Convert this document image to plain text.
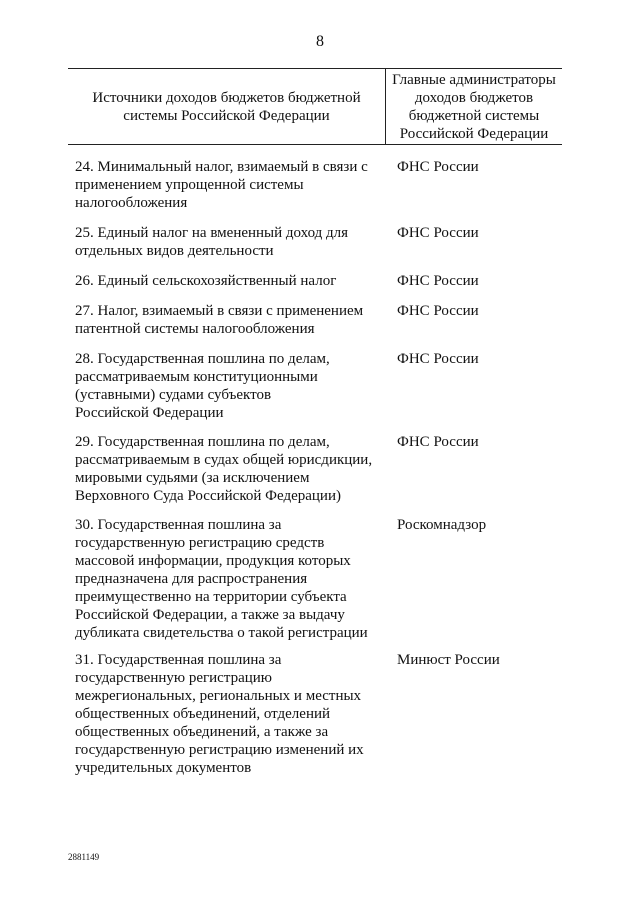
8
Источники доходов бюджетов бюджетной
системы Российской Федерации
Главные администраторы
доходов бюджетов
бюджетной системы
Российской Федерации
24. Минимальный налог, взимаемый в связи с
применением упрощенной системы
налогообложения
ФНС России
25. Единый налог на вмененный доход для
отдельных видов деятельности
ФНС России
26. Единый сельскохозяйственный налог	ФНС России
27. Налог, взимаемый в связи с применением
патентной системы налогообложения
ФНС России
28. Государственная пошлина по делам,
рассматриваемым конституционными
(уставными) судами субъектов
Российской Федерации
ФНС России
29. Государственная пошлина по делам,
рассматриваемым в судах общей юрисдикции,
мировыми судьями (за исключением
Верховного Суда Российской Федерации)
ФНС России
30. Государственная пошлина за
государственную регистрацию средств
массовой информации, продукция которых
предназначена для распространения
преимущественно на территории субъекта
Российской Федерации, а также за выдачу
дубликата свидетельства о такой регистрации
Роскомнадзор
31. Государственная пошлина за
государственную регистрацию
межрегиональных, региональных и местных
общественных объединений, отделений
общественных объединений, а также за
государственную регистрацию изменений их
учредительных документов
Минюст России
2881149
